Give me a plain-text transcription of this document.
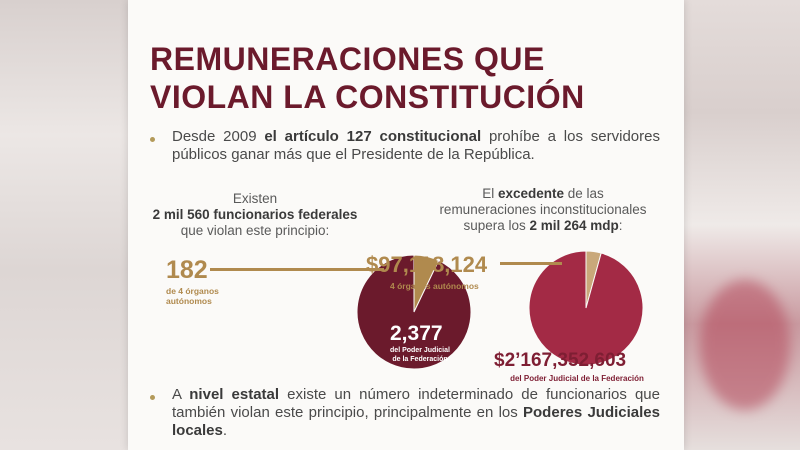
REMUNERACIONES QUE
VIOLAN LA CONSTITUCIÓN

Desde 2009 el artículo 127 constitucional prohíbe a los servidores públicos ganar más que el Presidente de la República.

Existen
2 mil 560 funcionarios federales
que violan este principio:

El excedente de las
remuneraciones inconstitucionales
supera los 2 mil 264 mdp:

182
de 4 órganos
autónomos
2,377
del Poder Judicial
de la Federación
$97,118,124
4 órganos autónomos
$2’167,352,603
del Poder Judicial de la Federación

A nivel estatal existe un número indeterminado de funcionarios que también violan este principio, principalmente en los Poderes Judiciales locales.
